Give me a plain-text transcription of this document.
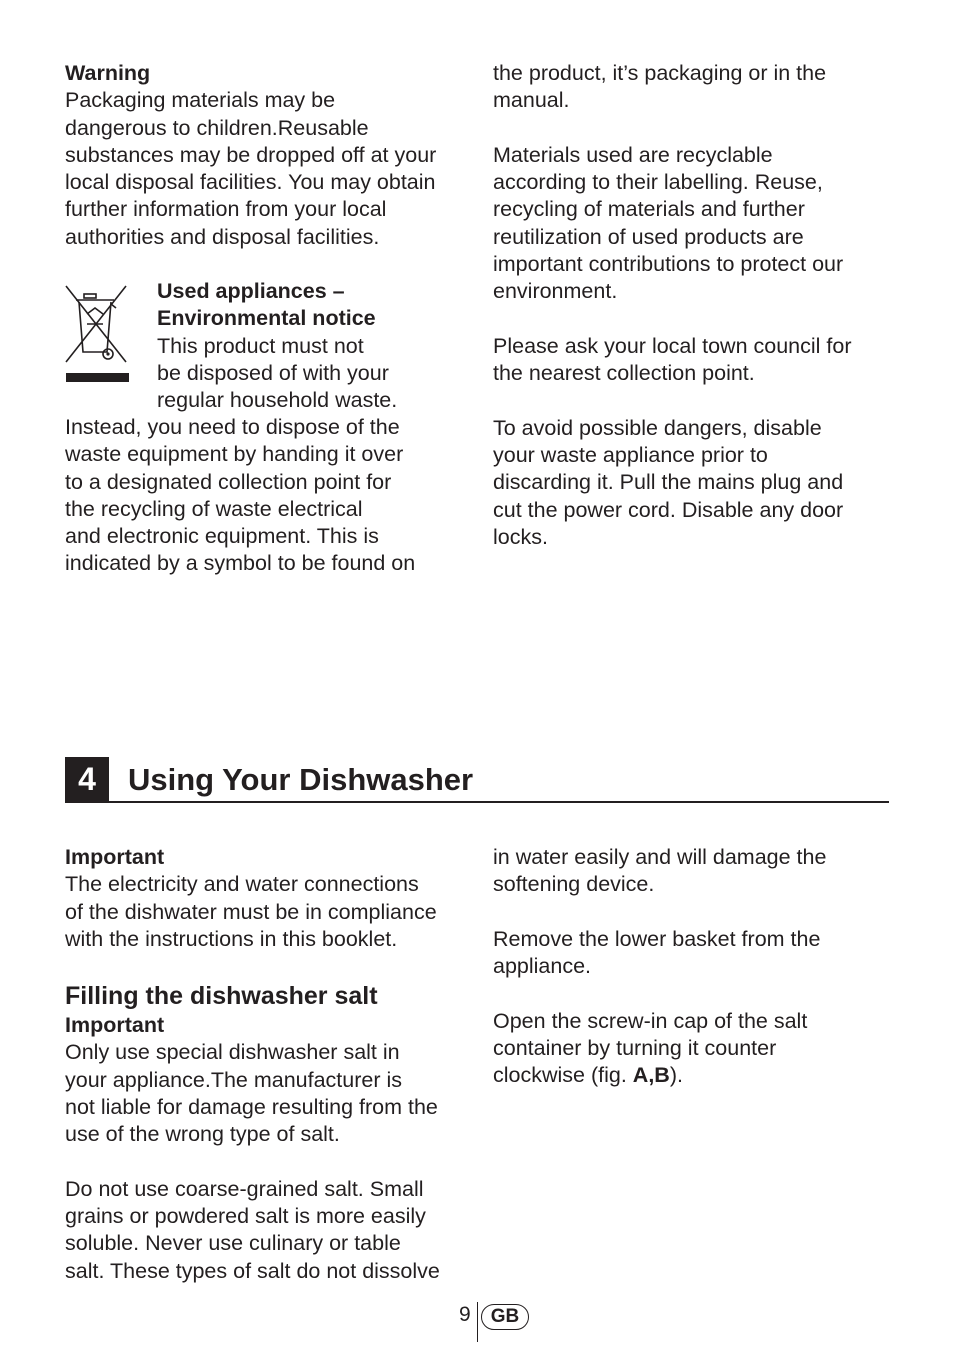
Warning

Packaging materials may be

dangerous to children.Reusable

substances may be dropped off at your

local disposal facilities. You may obtain

further information from your local

authorities and disposal facilities.

Used appliances –

Environmental notice

This product must not

be disposed of with your

regular household waste.

Instead, you need to dispose of the

waste equipment by handing it over

to a designated collection point for

the recycling of waste electrical

and electronic equipment. This is

indicated by a symbol to be found on

the product, it’s packaging or in the

manual.

Materials used are recyclable

according to their labelling. Reuse,

recycling of materials and further

reutilization of used products are

important contributions to protect our

environment.

Please ask your local town council for

the nearest collection point.

To avoid possible dangers, disable

your waste appliance prior to

discarding it. Pull the mains plug and

cut the power cord. Disable any door

locks.

4	Using Your Dishwasher

Important

The electricity and water connections

of the dishwater must be in compliance

with the instructions in this booklet.

Filling the dishwasher salt

Important

Only use special dishwasher salt in

your appliance.The manufacturer is

not liable for damage resulting from the

use of the wrong type of salt.

Do not use coarse-grained salt. Small

grains or powdered salt is more easily

soluble. Never use culinary or table

salt. These types of salt do not dissolve

in water easily and will damage the

softening device.

Remove the lower basket from the

appliance.

Open the screw-in cap of the salt

container by turning it counter

clockwise (fig. A,B).

9	GB
